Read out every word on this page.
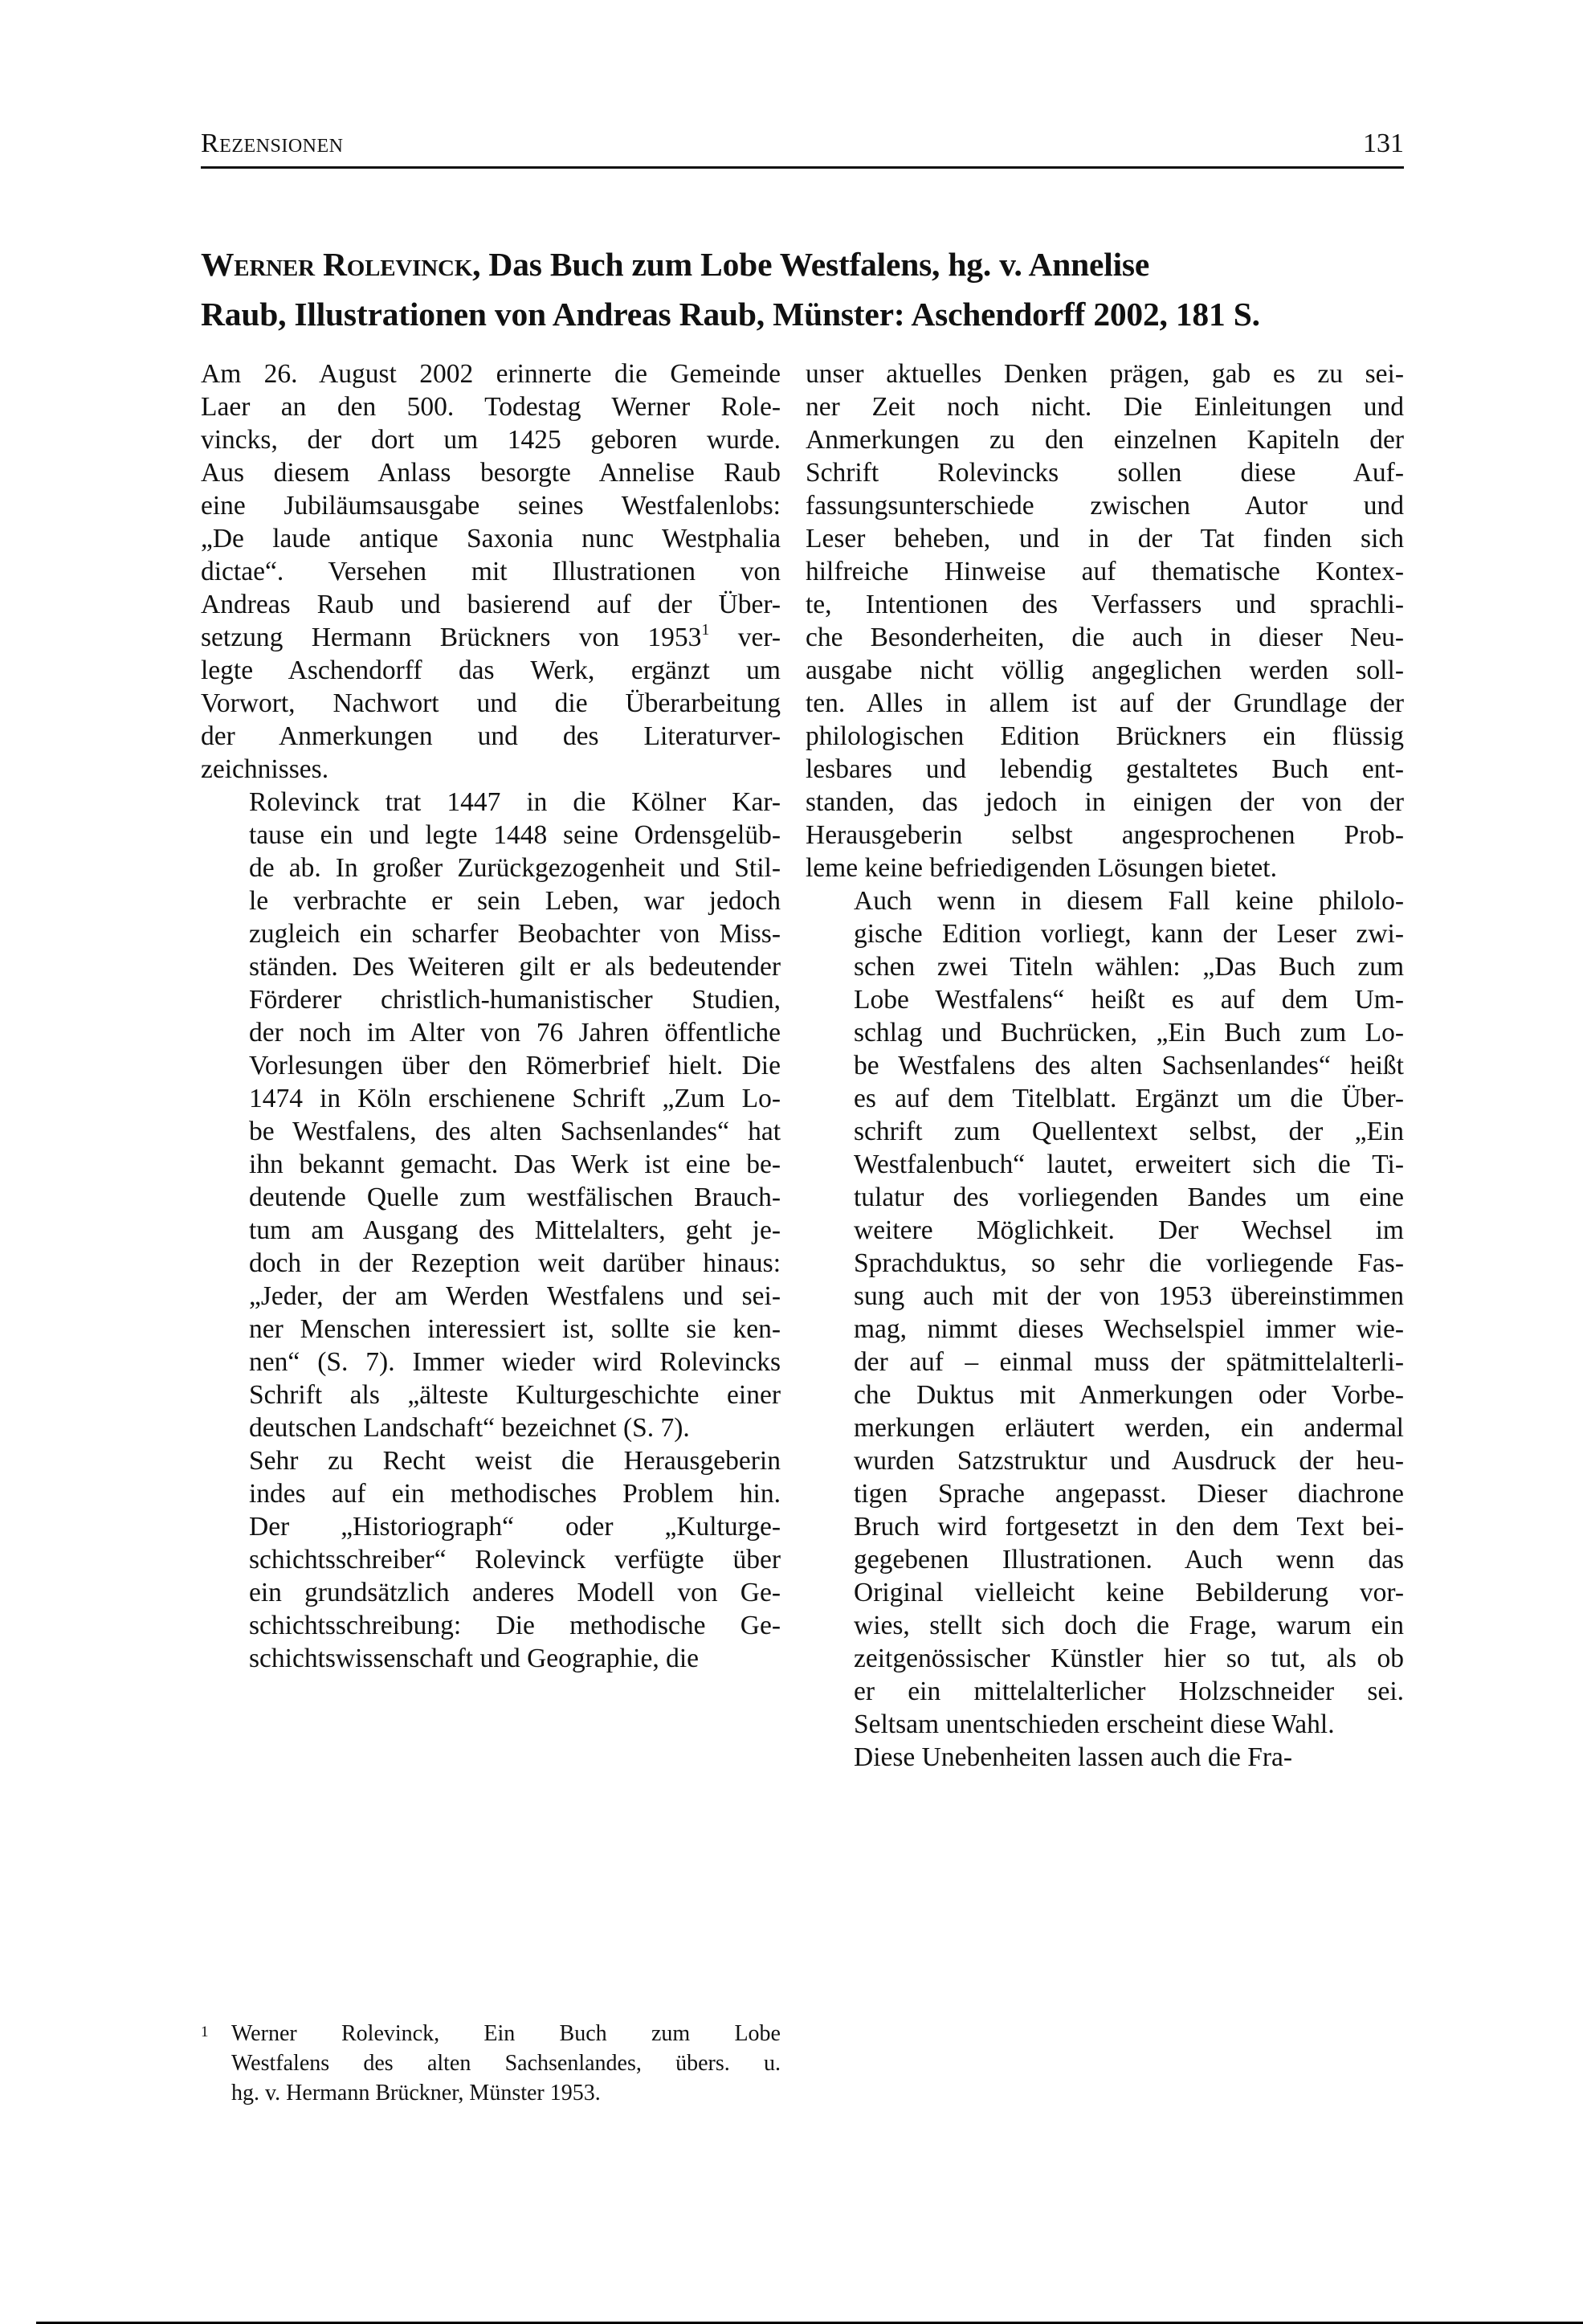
Rezensionen	131
Werner Rolevinck, Das Buch zum Lobe Westfalens, hg. v. Annelise
Raub, Illustrationen von Andreas Raub, Münster: Aschendorff 2002, 181 S.

Am 26. August 2002 erinnerte die Gemeinde
Laer an den 500. Todestag Werner Role-
vincks, der dort um 1425 geboren wurde.
Aus diesem Anlass besorgte Annelise Raub
eine Jubiläumsausgabe seines Westfalenlobs:
„De laude antique Saxonia nunc Westphalia
dictae“. Versehen mit Illustrationen von
Andreas Raub und basierend auf der Über-
setzung Hermann Brückners von 1953$^1$ ver-
legte Aschendorff das Werk, ergänzt um
Vorwort, Nachwort und die Überarbeitung
der Anmerkungen und des Literaturver-
zeichnisses.

Rolevinck trat 1447 in die Kölner Kar-
tause ein und legte 1448 seine Ordensgelüb-
de ab. In großer Zurückgezogenheit und Stil-
le verbrachte er sein Leben, war jedoch
zugleich ein scharfer Beobachter von Miss-
ständen. Des Weiteren gilt er als bedeutender
Förderer christlich-humanistischer Studien,
der noch im Alter von 76 Jahren öffentliche
Vorlesungen über den Römerbrief hielt. Die
1474 in Köln erschienene Schrift „Zum Lo-
be Westfalens, des alten Sachsenlandes“ hat
ihn bekannt gemacht. Das Werk ist eine be-
deutende Quelle zum westfälischen Brauch-
tum am Ausgang des Mittelalters, geht je-
doch in der Rezeption weit darüber hinaus:
„Jeder, der am Werden Westfalens und sei-
ner Menschen interessiert ist, sollte sie ken-
nen“ (S. 7). Immer wieder wird Rolevincks
Schrift als „älteste Kulturgeschichte einer
deutschen Landschaft“ bezeichnet (S. 7).

Sehr zu Recht weist die Herausgeberin
indes auf ein methodisches Problem hin.
Der „Historiograph“ oder „Kulturge-
schichtsschreiber“ Rolevinck verfügte über
ein grundsätzlich anderes Modell von Ge-
schichtsschreibung: Die methodische Ge-
schichtswissenschaft und Geographie, die

unser aktuelles Denken prägen, gab es zu sei-
ner Zeit noch nicht. Die Einleitungen und
Anmerkungen zu den einzelnen Kapiteln der
Schrift Rolevincks sollen diese Auf-
fassungsunterschiede zwischen Autor und
Leser beheben, und in der Tat finden sich
hilfreiche Hinweise auf thematische Kontex-
te, Intentionen des Verfassers und sprachli-
che Besonderheiten, die auch in dieser Neu-
ausgabe nicht völlig angeglichen werden soll-
ten. Alles in allem ist auf der Grundlage der
philologischen Edition Brückners ein flüssig
lesbares und lebendig gestaltetes Buch ent-
standen, das jedoch in einigen der von der
Herausgeberin selbst angesprochenen Prob-
leme keine befriedigenden Lösungen bietet.

Auch wenn in diesem Fall keine philolo-
gische Edition vorliegt, kann der Leser zwi-
schen zwei Titeln wählen: „Das Buch zum
Lobe Westfalens“ heißt es auf dem Um-
schlag und Buchrücken, „Ein Buch zum Lo-
be Westfalens des alten Sachsenlandes“ heißt
es auf dem Titelblatt. Ergänzt um die Über-
schrift zum Quellentext selbst, der „Ein
Westfalenbuch“ lautet, erweitert sich die Ti-
tulatur des vorliegenden Bandes um eine
weitere Möglichkeit. Der Wechsel im
Sprachduktus, so sehr die vorliegende Fas-
sung auch mit der von 1953 übereinstimmen
mag, nimmt dieses Wechselspiel immer wie-
der auf – einmal muss der spätmittelalterli-
che Duktus mit Anmerkungen oder Vorbe-
merkungen erläutert werden, ein andermal
wurden Satzstruktur und Ausdruck der heu-
tigen Sprache angepasst. Dieser diachrone
Bruch wird fortgesetzt in den dem Text bei-
gegebenen Illustrationen. Auch wenn das
Original vielleicht keine Bebilderung vor-
wies, stellt sich doch die Frage, warum ein
zeitgenössischer Künstler hier so tut, als ob
er ein mittelalterlicher Holzschneider sei.
Seltsam unentschieden erscheint diese Wahl.

Diese Unebenheiten lassen auch die Fra-

1 Werner Rolevinck, Ein Buch zum Lobe
Westfalens des alten Sachsenlandes, übers. u.
hg. v. Hermann Brückner, Münster 1953.
